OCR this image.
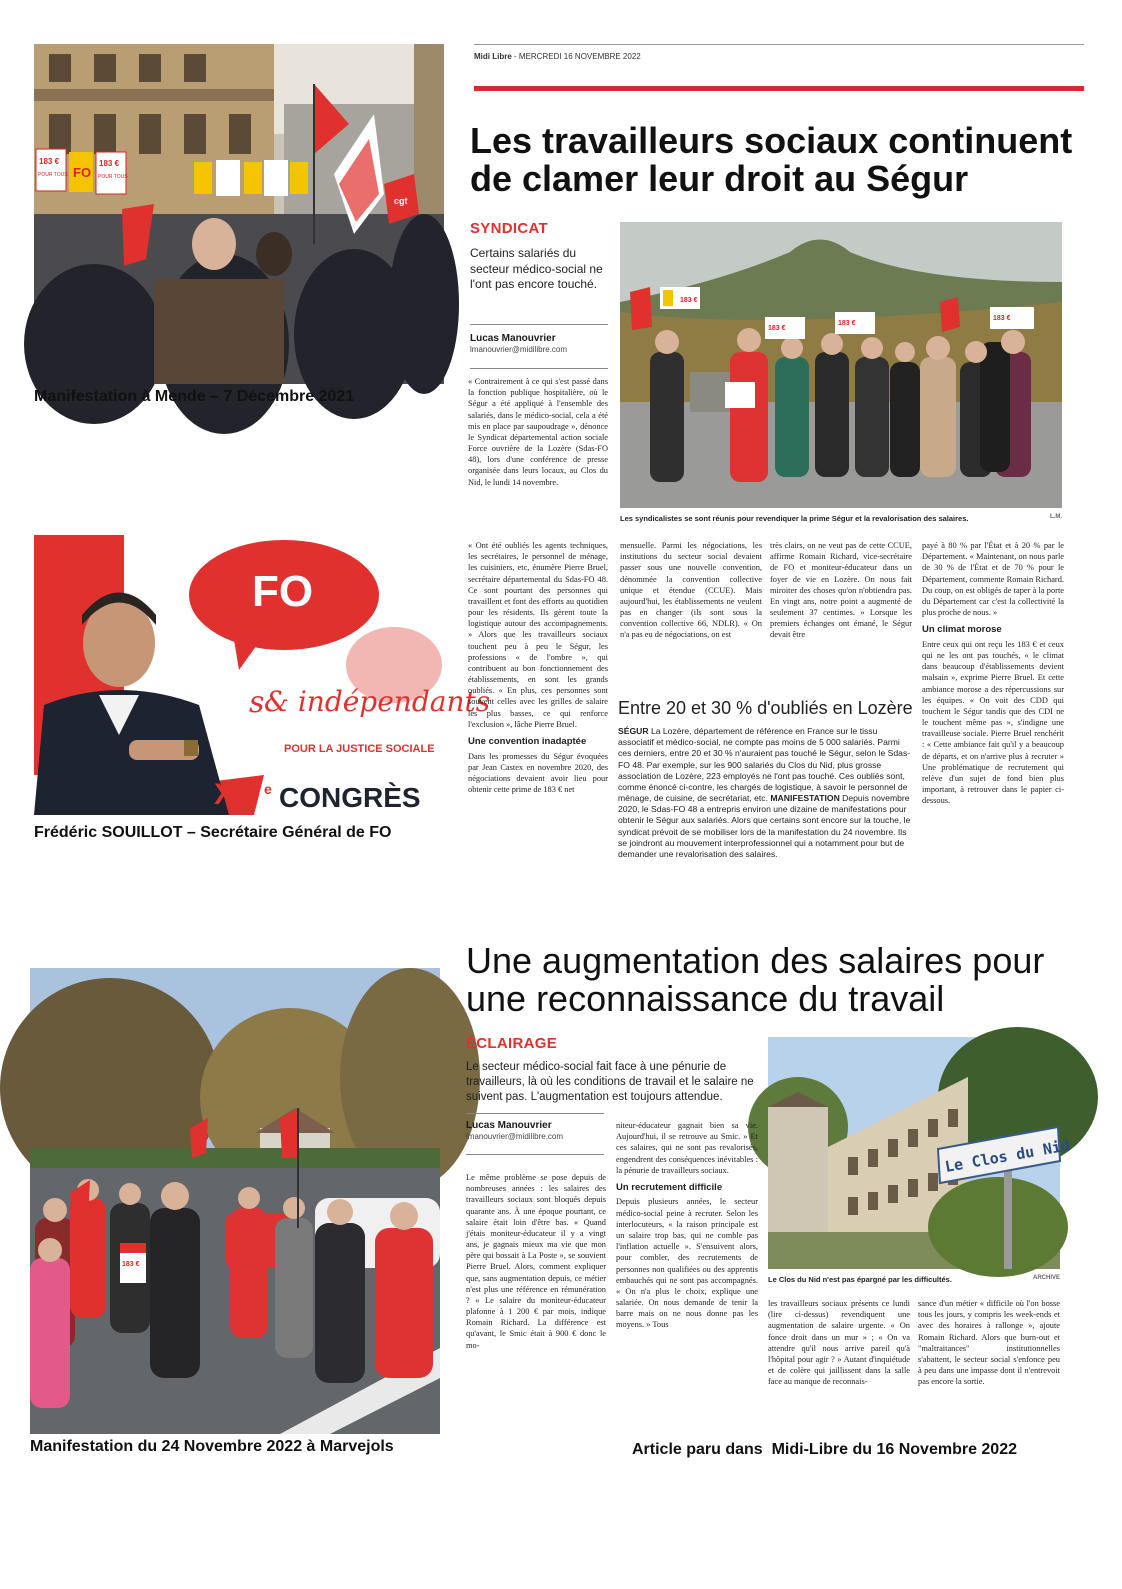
183 €
POUR TOUS FO
183 €
POUR TOUS
cgt
Manifestation à Mende – 7 Décembre 2021
FO
s & indépendants
POUR LA JUSTICE SOCIALE
XV e CONGRÈS
Frédéric SOUILLOT – Secrétaire Général de FO
183 €
Manifestation du 24 Novembre 2022 à Marvejols
Midi Libre - MERCREDI 16 NOVEMBRE 2022
Les travailleurs sociaux continuent de clamer leur droit au Ségur
SYNDICAT
Certains salariés du secteur médico-social ne l'ont pas encore touché.
Lucas Manouvrier
lmanouvrier@midilibre.com
183 €
183 €
183 €
183 €
Les syndicalistes se sont réunis pour revendiquer la prime Ségur et la revalorisation des salaires.	L.M.

« Contrairement à ce qui s'est passé dans la fonction publique hospitalière, où le Ségur a été appliqué à l'ensemble des salariés, dans le médico-social, cela a été mis en place par saupoudrage », dénonce le Syndicat départemental action sociale Force ouvrière de la Lozère (Sdas-FO 48), lors d'une conférence de presse organisée dans leurs locaux, au Clos du Nid, le lundi 14 novembre.

« Ont été oubliés les agents techniques, les secrétaires, le personnel de ménage, les cuisiniers, etc, énumère Pierre Bruel, secrétaire départemental du Sdas-FO 48. Ce sont pourtant des personnes qui travaillent et font des efforts au quotidien pour les résidents. Ils gèrent toute la logistique autour des accompagnements. » Alors que les travailleurs sociaux touchent peu à peu le Ségur, les professions « de l'ombre », qui contribuent au bon fonctionnement des établissements, en sont les grands oubliés. « En plus, ces personnes sont souvent celles avec les grilles de salaire les plus basses, ce qui renforce l'exclusion », lâche Pierre Bruel.

Une convention inadaptée

Dans les promesses du Ségur évoquées par Jean Castex en novembre 2020, des négociations devaient avoir lieu pour obtenir cette prime de 183 € net

mensuelle. Parmi les négociations, les institutions du secteur social devaient passer sous une nouvelle convention, dénommée la convention collective unique et étendue (CCUE). Mais aujourd'hui, les établissements ne veulent pas en changer (ils sont sous la convention collective 66, NDLR). « On n'a pas eu de négociations, on est

très clairs, on ne veut pas de cette CCUE, affirme Romain Richard, vice-secrétaire de FO et moniteur-éducateur dans un foyer de vie en Lozère. On nous fait miroiter des choses qu'on n'obtiendra pas. En vingt ans, notre point a augmenté de seulement 37 centimes. » Lorsque les premiers échanges ont émané, le Ségur devait être

payé à 80 % par l'État et à 20 % par le Département. « Maintenant, on nous parle de 30 % de l'État et de 70 % pour le Département, commente Romain Richard. Du coup, on est obligés de taper à la porte du Département car c'est la collectivité la plus proche de nous. »

Un climat morose

Entre ceux qui ont reçu les 183 € et ceux qui ne les ont pas touchés, « le climat dans beaucoup d'établissements devient malsain », exprime Pierre Bruel. Et cette ambiance morose a des répercussions sur les équipes. « On voit des CDD qui touchent le Ségur tandis que des CDI ne le touchent même pas », s'indigne une travailleuse sociale. Pierre Bruel renchérit : « Cette ambiance fait qu'il y a beaucoup de départs, et on n'arrive plus à recruter » Une problématique de recrutement qui relève d'un sujet de fond bien plus important, à retrouver dans le papier ci-dessous.

Entre 20 et 30 % d'oubliés en Lozère
SÉGUR La Lozère, département de référence en France sur le tissu associatif et médico-social, ne compte pas moins de 5 000 salariés. Parmi ces derniers, entre 20 et 30 % n'auraient pas touché le Ségur, selon le Sdas-FO 48. Par exemple, sur les 900 salariés du Clos du Nid, plus grosse association de Lozère, 223 employés ne l'ont pas touché. Ces oubliés sont, comme énoncé ci-contre, les chargés de logistique, à savoir le personnel de ménage, de cuisine, de secrétariat, etc. MANIFESTATION Depuis novembre 2020, le Sdas-FO 48 a entrepris environ une dizaine de manifestations pour obtenir le Ségur aux salariés. Alors que certains sont encore sur la touche, le syndicat prévoit de se mobiliser lors de la manifestation du 24 novembre. Ils se joindront au mouvement interprofessionnel qui a notamment pour but de demander une revalorisation des salaires.
Une augmentation des salaires pour une reconnaissance du travail
ÉCLAIRAGE
Le secteur médico-social fait face à une pénurie de travailleurs, là où les conditions de travail et le salaire ne suivent pas. L'augmentation est toujours attendue.
Lucas Manouvrier
lmanouvrier@midilibre.com	Le Clos du Nid
Le Clos du Nid n'est pas épargné par les difficultés.	ARCHIVE

Le même problème se pose depuis de nombreuses années : les salaires des travailleurs sociaux sont bloqués depuis quarante ans. À une époque pourtant, ce salaire était loin d'être bas. « Quand j'étais moniteur-éducateur il y a vingt ans, je gagnais mieux ma vie que mon père qui bossait à La Poste », se souvient Pierre Bruel. Alors, comment expliquer que, sans augmentation depuis, ce métier n'est plus une référence en rémunération ? « Le salaire du moniteur-éducateur plafonne à 1 200 € par mois, indique Romain Richard. La différence est qu'avant, le Smic était à 900 € donc le mo-

niteur-éducateur gagnait bien sa vie. Aujourd'hui, il se retrouve au Smic. » Et ces salaires, qui ne sont pas revalorisés, engendrent des conséquences inévitables : la pénurie de travailleurs sociaux.

Un recrutement difficile

Depuis plusieurs années, le secteur médico-social peine à recruter. Selon les interlocuteurs, « la raison principale est un salaire trop bas, qui ne comble pas l'inflation actuelle ». S'ensuivent alors, pour combler, des recrutements de personnes non qualifiées ou des apprentis embauchés qui ne sont pas accompagnés. « On n'a plus le choix, explique une salariée. On nous demande de tenir la barre mais on ne nous donne pas les moyens. » Tous

les travailleurs sociaux présents ce lundi (lire ci-dessus) revendiquent une augmentation de salaire urgente. « On fonce droit dans un mur » ; « On va attendre qu'il nous arrive pareil qu'à l'hôpital pour agir ? » Autant d'inquiétude et de colère qui jaillissent dans la salle face au manque de reconnais-

sance d'un métier « difficile où l'on bosse tous les jours, y compris les week-ends et avec des horaires à rallonge », ajoute Romain Richard. Alors que burn-out et "maltraitances" institutionnelles s'abattent, le secteur social s'enfonce peu à peu dans une impasse dont il n'entrevoit pas encore la sortie.

Article paru dans  Midi-Libre du 16 Novembre 2022
